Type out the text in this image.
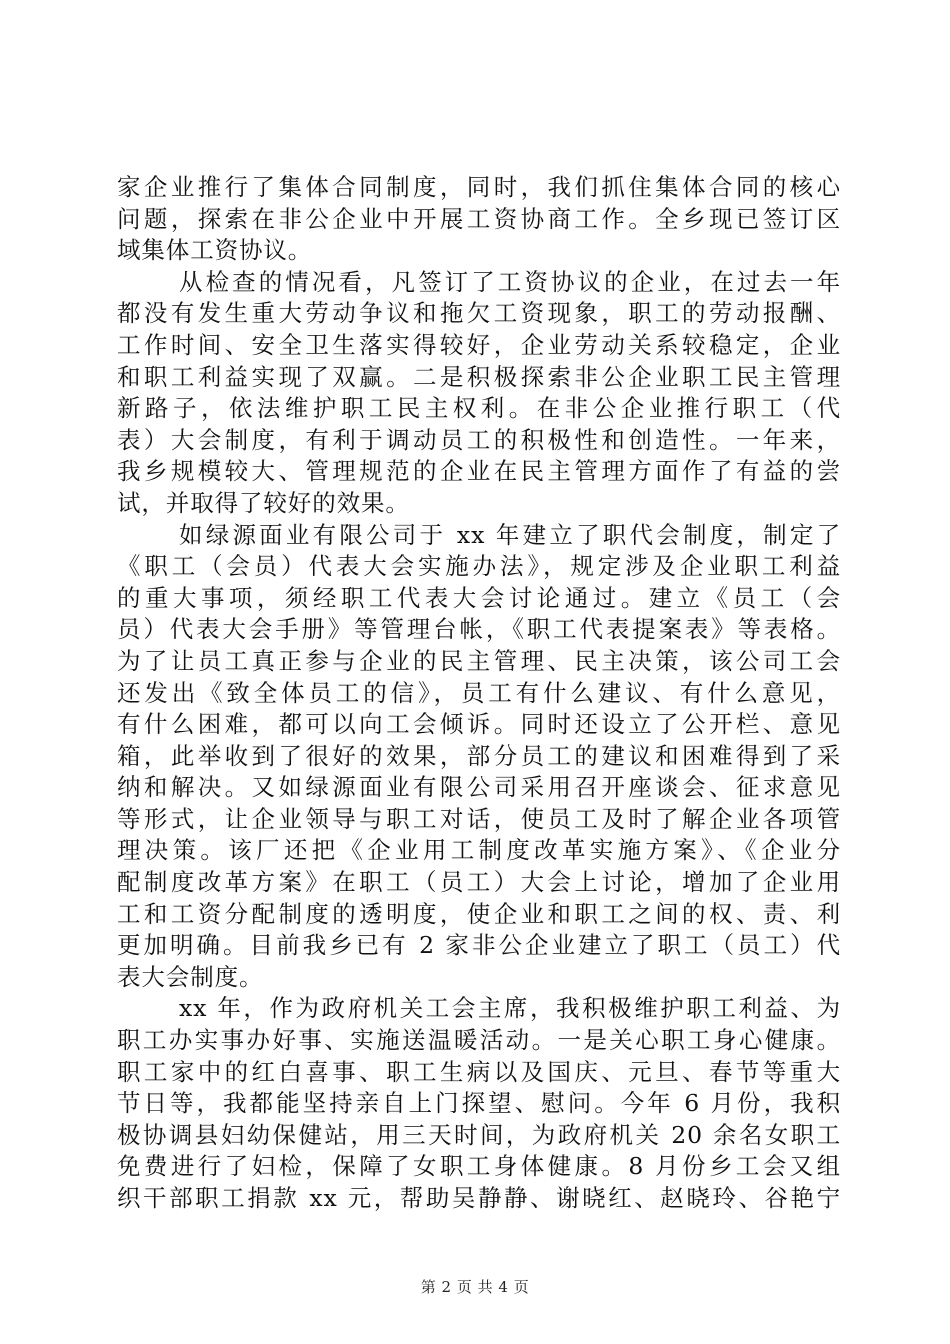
家企业推行了集体合同制度，同时，我们抓住集体合同的核心
问题，探索在非公企业中开展工资协商工作。全乡现已签订区
域集体工资协议。
从检查的情况看，凡签订了工资协议的企业，在过去一年
都没有发生重大劳动争议和拖欠工资现象，职工的劳动报酬、
工作时间、安全卫生落实得较好，企业劳动关系较稳定，企业
和职工利益实现了双赢。二是积极探索非公企业职工民主管理
新路子，依法维护职工民主权利。在非公企业推行职工（代
表）大会制度，有利于调动员工的积极性和创造性。一年来，
我乡规模较大、管理规范的企业在民主管理方面作了有益的尝
试，并取得了较好的效果。
如绿源面业有限公司于 xx 年建立了职代会制度，制定了
《职工（会员）代表大会实施办法》，规定涉及企业职工利益
的重大事项，须经职工代表大会讨论通过。建立《员工（会
员）代表大会手册》等管理台帐，《职工代表提案表》等表格。
为了让员工真正参与企业的民主管理、民主决策，该公司工会
还发出《致全体员工的信》，员工有什么建议、有什么意见，
有什么困难，都可以向工会倾诉。同时还设立了公开栏、意见
箱，此举收到了很好的效果，部分员工的建议和困难得到了采
纳和解决。又如绿源面业有限公司采用召开座谈会、征求意见
等形式，让企业领导与职工对话，使员工及时了解企业各项管
理决策。该厂还把《企业用工制度改革实施方案》、《企业分
配制度改革方案》在职工（员工）大会上讨论，增加了企业用
工和工资分配制度的透明度，使企业和职工之间的权、责、利
更加明确。目前我乡已有 2 家非公企业建立了职工（员工）代
表大会制度。
xx 年，作为政府机关工会主席，我积极维护职工利益、为
职工办实事办好事、实施送温暖活动。一是关心职工身心健康。
职工家中的红白喜事、职工生病以及国庆、元旦、春节等重大
节日等，我都能坚持亲自上门探望、慰问。今年 6 月份，我积
极协调县妇幼保健站，用三天时间，为政府机关 20 余名女职工
免费进行了妇检，保障了女职工身体健康。8 月份乡工会又组
织干部职工捐款 xx 元，帮助吴静静、谢晓红、赵晓玲、谷艳宁
第 2 页 共 4 页
